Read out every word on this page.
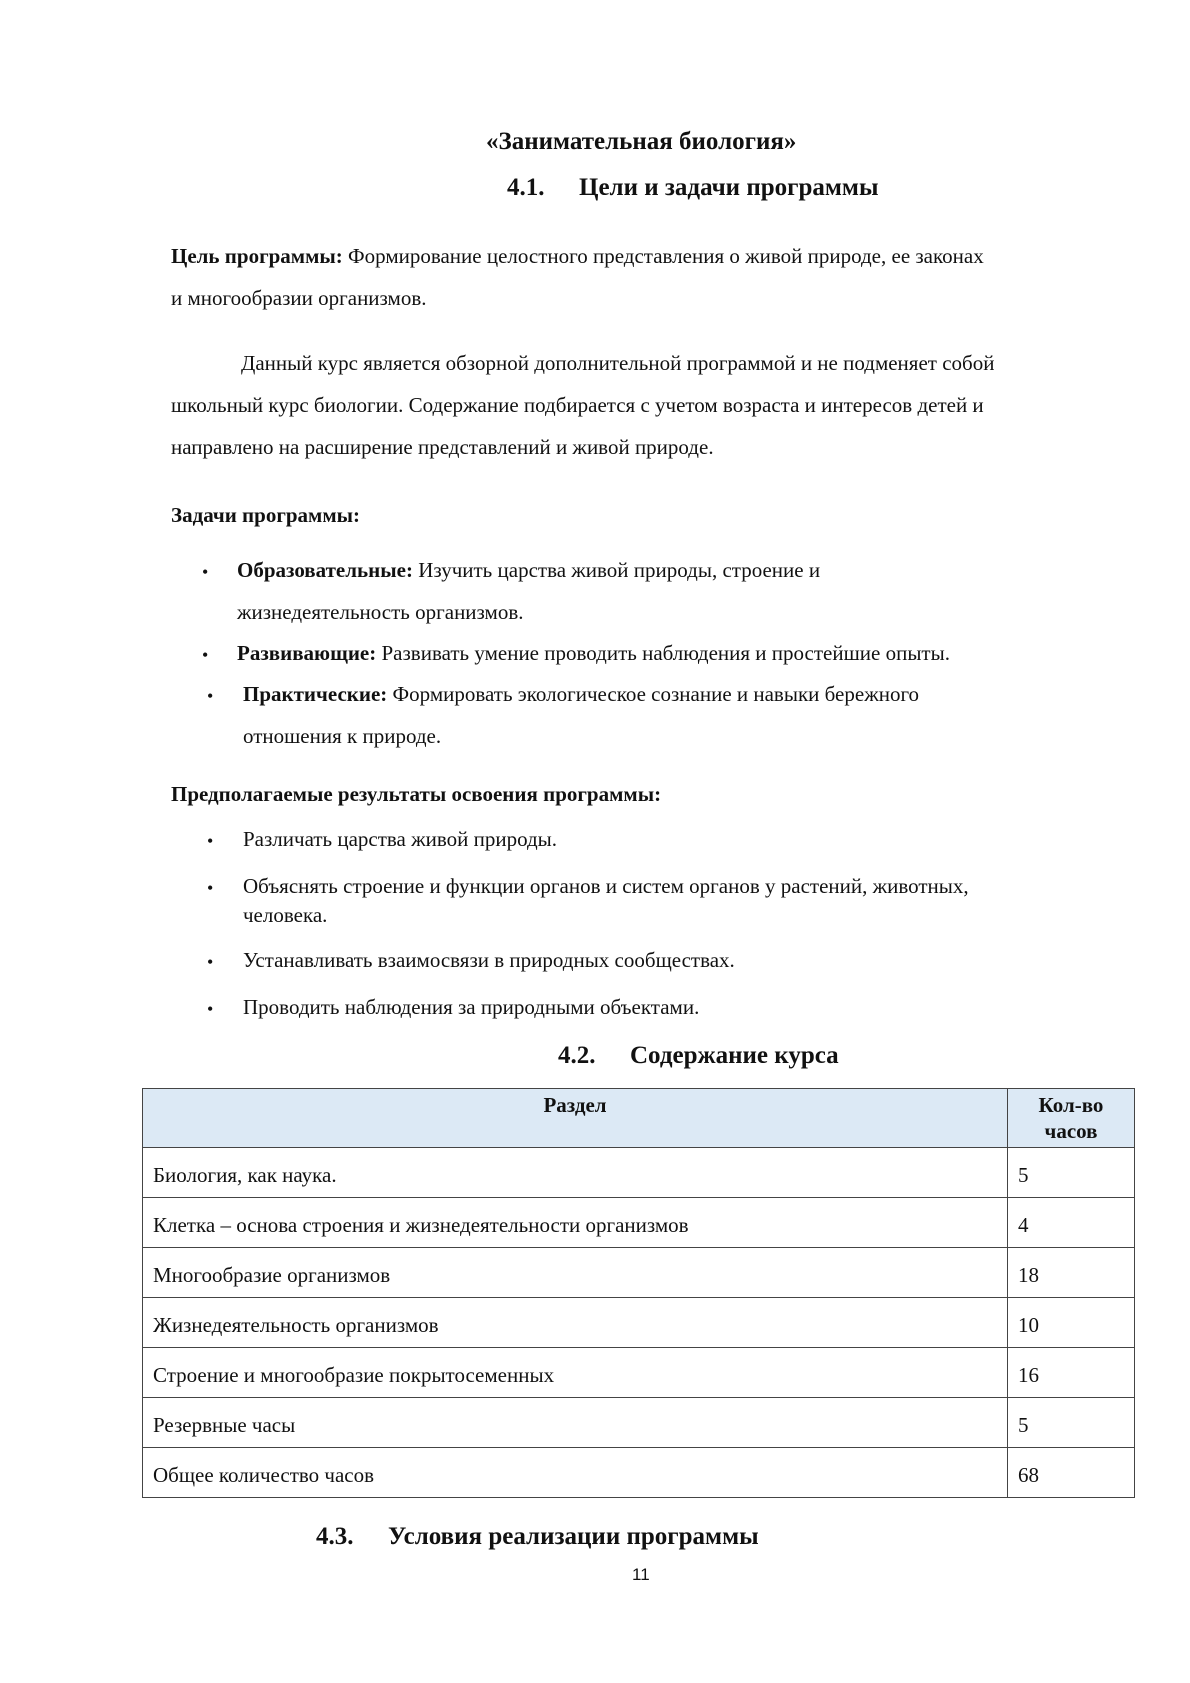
«Занимательная биология»
4.1. Цели и задачи программы
Цель программы: Формирование целостного представления о живой природе, ее законах
и многообразии организмов.
Данный курс является обзорной дополнительной программой и не подменяет собой
школьный курс биологии. Содержание подбирается с учетом возраста и интересов детей и
направлено на расширение представлений и живой природе.
Задачи программы:
• Образовательные: Изучить царства живой природы, строение и
жизнедеятельность организмов.
• Развивающие: Развивать умение проводить наблюдения и простейшие опыты.
• Практические: Формировать экологическое сознание и навыки бережного
отношения к природе.
Предполагаемые результаты освоения программы:
• Различать царства живой природы.
• Объяснять строение и функции органов и систем органов у растений, животных,
человека.
• Устанавливать взаимосвязи в природных сообществах.
• Проводить наблюдения за природными объектами.
4.2. Содержание курса
Раздел	Кол-во
часов
Биология, как наука.	5
Клетка – основа строения и жизнедеятельности организмов	4
Многообразие организмов	18
Жизнедеятельность организмов	10
Строение и многообразие покрытосеменных	16
Резервные часы	5
Общее количество часов	68
4.3. Условия реализации программы
11
